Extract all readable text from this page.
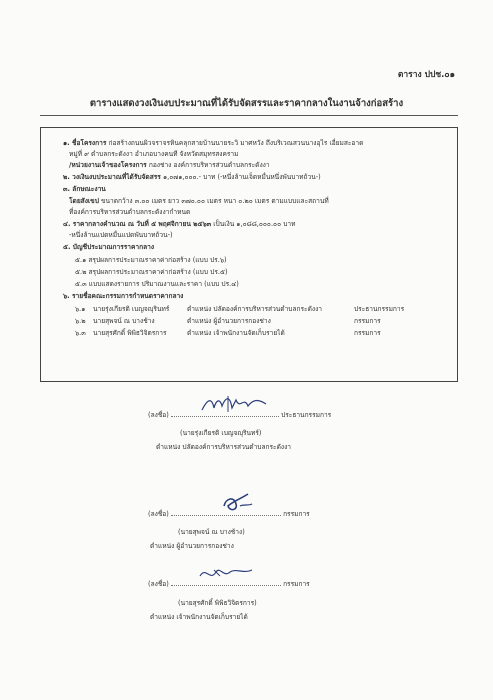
ตาราง ปปช.๐๑
ตารางแสดงวงเงินงบประมาณที่ได้รับจัดสรรและราคากลางในงานจ้างก่อสร้าง
๑. ชื่อโครงการ ก่อสร้างถนนผิวจราจรหินคลุกสายบ้านนายระวิ มาศหวัง ถึงบริเวณสวนนางอุไร เอี่ยมสะอาด
หมู่ที่ ๙ ตำบลกระดังงา อำเภอบางคนที จังหวัดสมุทรสงคราม
/หน่วยงานเจ้าของโครงการ กองช่าง องค์การบริหารส่วนตำบลกระดังงา
๒. วงเงินงบประมาณที่ได้รับจัดสรร ๑,๐๗๑,๐๐๐.- บาท (-หนึ่งล้านเจ็ดหมื่นหนึ่งพันบาทถ้วน-)
๓. ลักษณะงาน
โดยสังเขป ขนาดกว้าง ๓.๐๐ เมตร ยาว ๓๗๐.๐๐ เมตร หนา ๐.๒๐ เมตร ตามแบบและสถานที่
ที่องค์การบริหารส่วนตำบลกระดังงากำหนด
๔. ราคากลางคำนวณ ณ วันที่ ๕ พฤศจิกายน ๒๕๖๓ เป็นเงิน ๑,๐๘๘,๐๐๐.๐๐ บาท
-หนึ่งล้านแปดหมื่นแปดพันบาทถ้วน-)
๕. บัญชีประมาณการราคากลาง
๕.๑ สรุปผลการประมาณราคาค่าก่อสร้าง (แบบ ปร.๖)
๕.๒ สรุปผลการประมาณราคาค่าก่อสร้าง (แบบ ปร.๕)
๕.๓ แบบแสดงรายการ ปริมาณงานและราคา (แบบ ปร.๔)
๖. รายชื่อคณะกรรมการกำหนดราคากลาง
๖.๑ นายรุ่งเกียรติ เบญจญุรินทร์	ตำแหน่ง ปลัดองค์การบริหารส่วนตำบลกระดังงา	ประธานกรรมการ
๖.๒ นายสุพจน์ ณ บางช้าง	ตำแหน่ง ผู้อำนวยการกองช่าง	กรรมการ
๖.๓ นายสุรศักดิ์ พิพิธวิจิตรการ	ตำแหน่ง เจ้าพนักงานจัดเก็บรายได้	กรรมการ
(ลงชื่อ)	ประธานกรรมการ
(นายรุ่งเกียรติ เบญจญุรินทร์)
ตำแหน่ง ปลัดองค์การบริหารส่วนตำบลกระดังงา
(ลงชื่อ)	กรรมการ
(นายสุพจน์ ณ บางช้าง)
ตำแหน่ง ผู้อำนวยการกองช่าง
(ลงชื่อ)	กรรมการ
(นายสุรศักดิ์ พิพิธวิจิตรการ)
ตำแหน่ง เจ้าพนักงานจัดเก็บรายได้
